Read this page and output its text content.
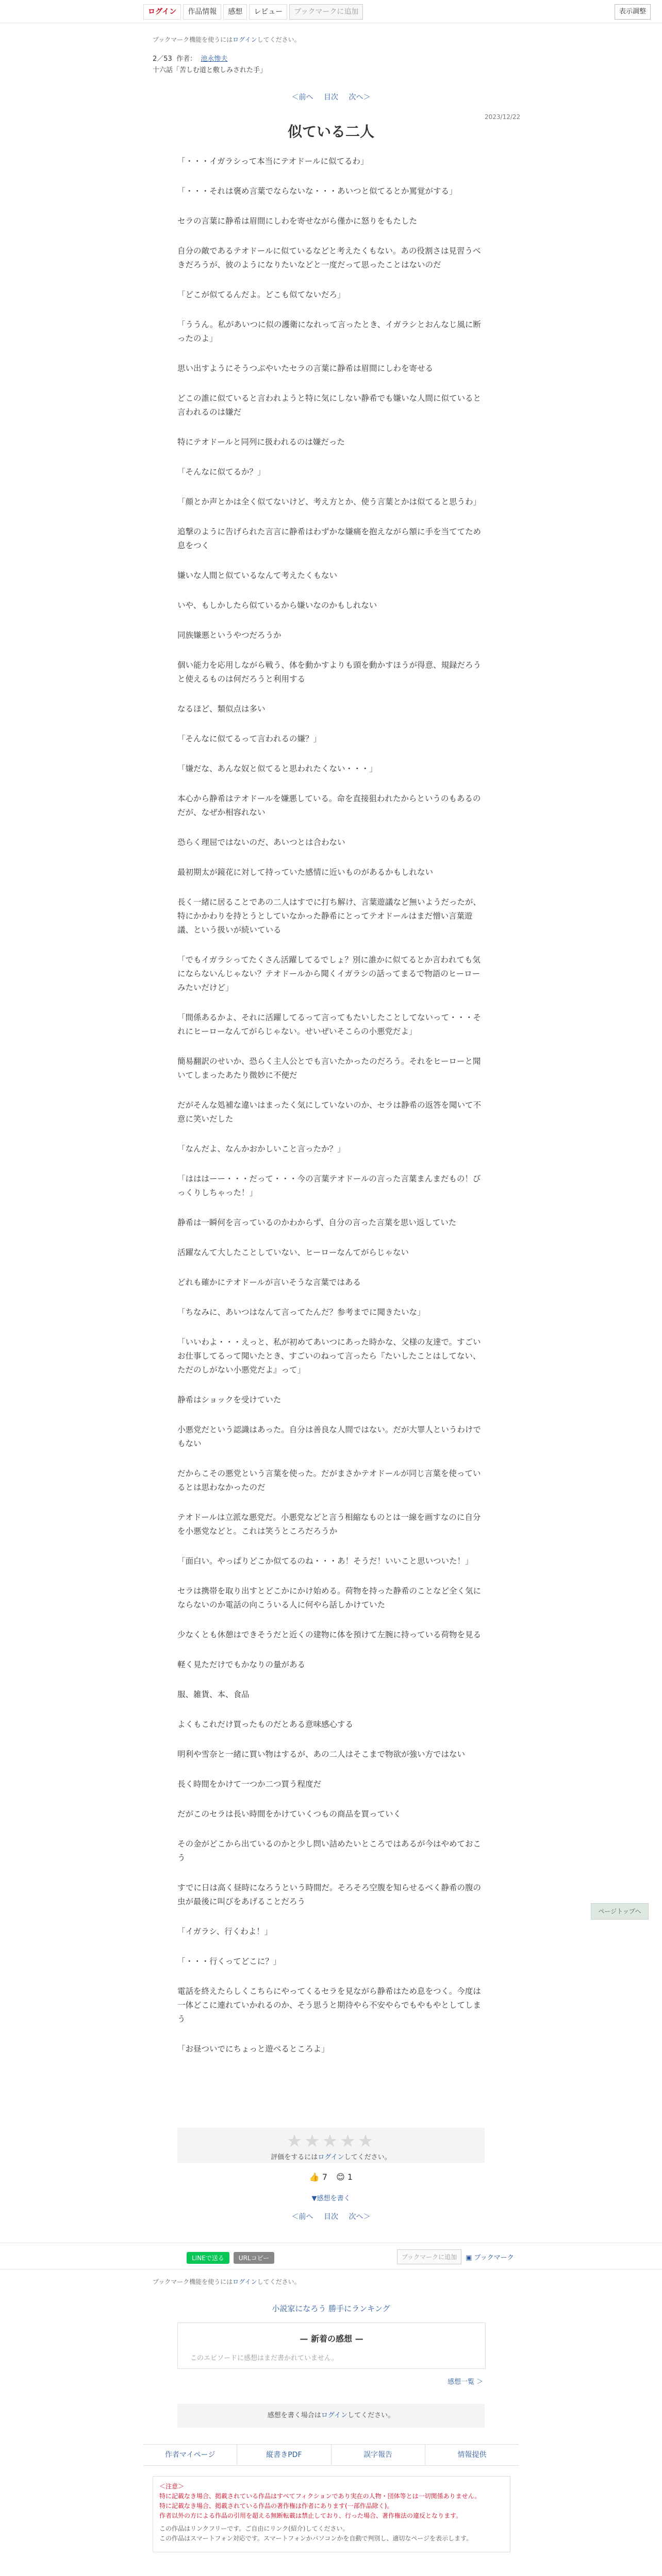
ログイン	作品情報	感想	レビュー	ブックマークに追加	表示調整
ブックマーク機能を使うにはログインしてください。
2／53 作者： 池永惨夫
十六話「苦しむ道と敷しみされた手」
＜前へ 目次 次へ＞
2023/12/22
似ている二人

「・・・イガラシって本当にテオドールに似てるわ」

「・・・それは褒め言葉でならないな・・・あいつと似てるとか罵覚がする」

セラの言葉に静希は眉間にしわを寄せながら僅かに怒りをもたした

自分の敵であるテオドールに似ているなどと考えたくもない。あの役割さは見習うべきだろうが、彼のようになりたいなどと一度だって思ったことはないのだ

「どこが似てるんだよ。どこも似てないだろ」

「ううん。私があいつに似の護衛になれって言ったとき、イガラシとおんなじ風に断ったのよ」

思い出すようにそうつぶやいたセラの言葉に静希は眉間にしわを寄せる

どこの誰に似ていると言われようと特に気にしない静希でも嫌いな人間に似ていると言われるのは嫌だ

特にテオドールと同列に扱われるのは嫌だった

「そんなに似てるか？」

「顔とか声とかは全く似てないけど、考え方とか、使う言葉とかは似てると思うわ」

追撃のように告げられた言言に静希はわずかな嫌痛を抱えながら額に手を当ててため息をつく

嫌いな人間と似ているなんて考えたくもない

いや、もしかしたら似ているから嫌いなのかもしれない

同族嫌悪というやつだろうか

個い能力を応用しながら戦う、体を動かすよりも頭を動かすほうが得意、規録だろうと使えるものは何だろうと利用する

なるほど、類似点は多い

「そんなに似てるって言われるの嫌？」

「嫌だな、あんな奴と似てると思われたくない・・・」

本心から静希はテオドールを嫌悪している。命を直接狙われたからというのもあるのだが、なぜか相容れない

恐らく理屈ではないのだ、あいつとは合わない

最初期太が鏡花に対して持っていた感情に近いものがあるかもしれない

長く一緒に居ることであの二人はすでに打ち解け、言葉遊議など無いようだったが、特にかかわりを持とうとしていなかった静希にとってテオドールはまだ憎い言葉遊議、という扱いが続いている

「でもイガラシってたくさん活躍してるでしょ？別に誰かに似てるとか言われても気にならないんじゃない？テオドールから聞くイガラシの話ってまるで物語のヒーローみたいだけど」

「間係あるかよ、それに活躍してるって言ってもたいしたことしてないって・・・それにヒーローなんてがらじゃない。せいぜいそこらの小悪党だよ」

簡易翻訳のせいか、恐らく主人公とでも言いたかったのだろう。それをヒーローと聞いてしまったあたり微妙に不便だ

だがそんな処補な違いはまったく気にしていないのか、セラは静希の返答を聞いて不意に笑いだした

「なんだよ、なんかおかしいこと言ったか？」

「はははーー・・・だって・・・今の言葉テオドールの言った言葉まんまだもの！びっくりしちゃった！」

静希は一瞬何を言っているのかわからず、自分の言った言葉を思い返していた

活躍なんて大したことしていない、ヒーローなんてがらじゃない

どれも確かにテオドールが言いそうな言葉ではある

「ちなみに、あいつはなんて言ってたんだ？参考までに聞きたいな」

「いいわよ・・・えっと、私が初めてあいつにあった時かな、父様の友達で。すごいお仕事してるって聞いたとき、すごいのねって言ったら『たいしたことはしてない、ただのしがない小悪党だよ』って」

静希はショックを受けていた

小悪党だという認識はあった。自分は善良な人間ではない。だが大罪人というわけでもない

だからこその悪党という言葉を使った。だがまさかテオドールが同じ言葉を使っているとは思わなかったのだ

テオドールは立派な悪党だ。小悪党などと言う相縮なものとは一線を画すなのに自分を小悪党などと。これは笑うところだろうか

「面白い。やっぱりどこか似てるのね・・・あ！そうだ！いいこと思いついた！」

セラは携帯を取り出すとどこかにかけ始める。荷物を持った静希のことなど全く気にならないのか電話の向こういる人に何やら話しかけていた

少なくとも休憩はできそうだと近くの建物に体を預けて左腕に持っている荷物を見る

軽く見ただけでもかなりの量がある

服、雑貨、本、食品

よくもこれだけ買ったものだとある意味感心する

明利や雪奈と一緒に買い物はするが、あの二人はそこまで物欲が強い方ではない

長く時間をかけて一つか二つ買う程度だ

だがこのセラは長い時間をかけていくつもの商品を買っていく

その金がどこから出ているのかと少し問い詰めたいところではあるが今はやめておこう

すでに日は高く昼時になろうという時間だ。そろそろ空腹を知らせるべく静希の腹の虫が最後に叫びをあげることだろう

「イガラシ、行くわよ！」

「・・・行くってどこに？」

電話を終えたらしくこちらにやってくるセラを見ながら静希はため息をつく。今度は一体どこに連れていかれるのか、そう思うと期待やら不安やらでもやもやとしてしまう

「お昼ついでにちょっと遊べるところよ」

ページトップへ
★★★★★
評価をするにはログインしてください。
👍 7 😊 1
▼感想を書く
＜前へ 目次 次へ＞
LINEで送る	URLコピー	ブックマークに追加	▣ ブックマーク
ブックマーク機能を使うにはログインしてください。
小説家になろう 勝手にランキング
— 新着の感想 —
このエピソードに感想はまだ書かれていません。
感想一覧 ＞
感想を書く場合はログインしてください。
作者マイページ	縦書きPDF	誤字報告	情報提供
＜注意＞
特に記載なき場合、掲載されている作品はすべてフィクションであり実在の人物・団体等とは一切関係ありません。
特に記載なき場合、掲載されている作品の著作権は作者にあります(一部作品除く)。
作者以外の方による作品の引用を超える無断転載は禁止しており、行った場合、著作権法の違反となります。
この作品はリンクフリーです。ご自由にリンク(紹介)してください。
この作品はスマートフォン対応です。スマートフォンかパソコンかを自動で判別し、適切なページを表示します。
